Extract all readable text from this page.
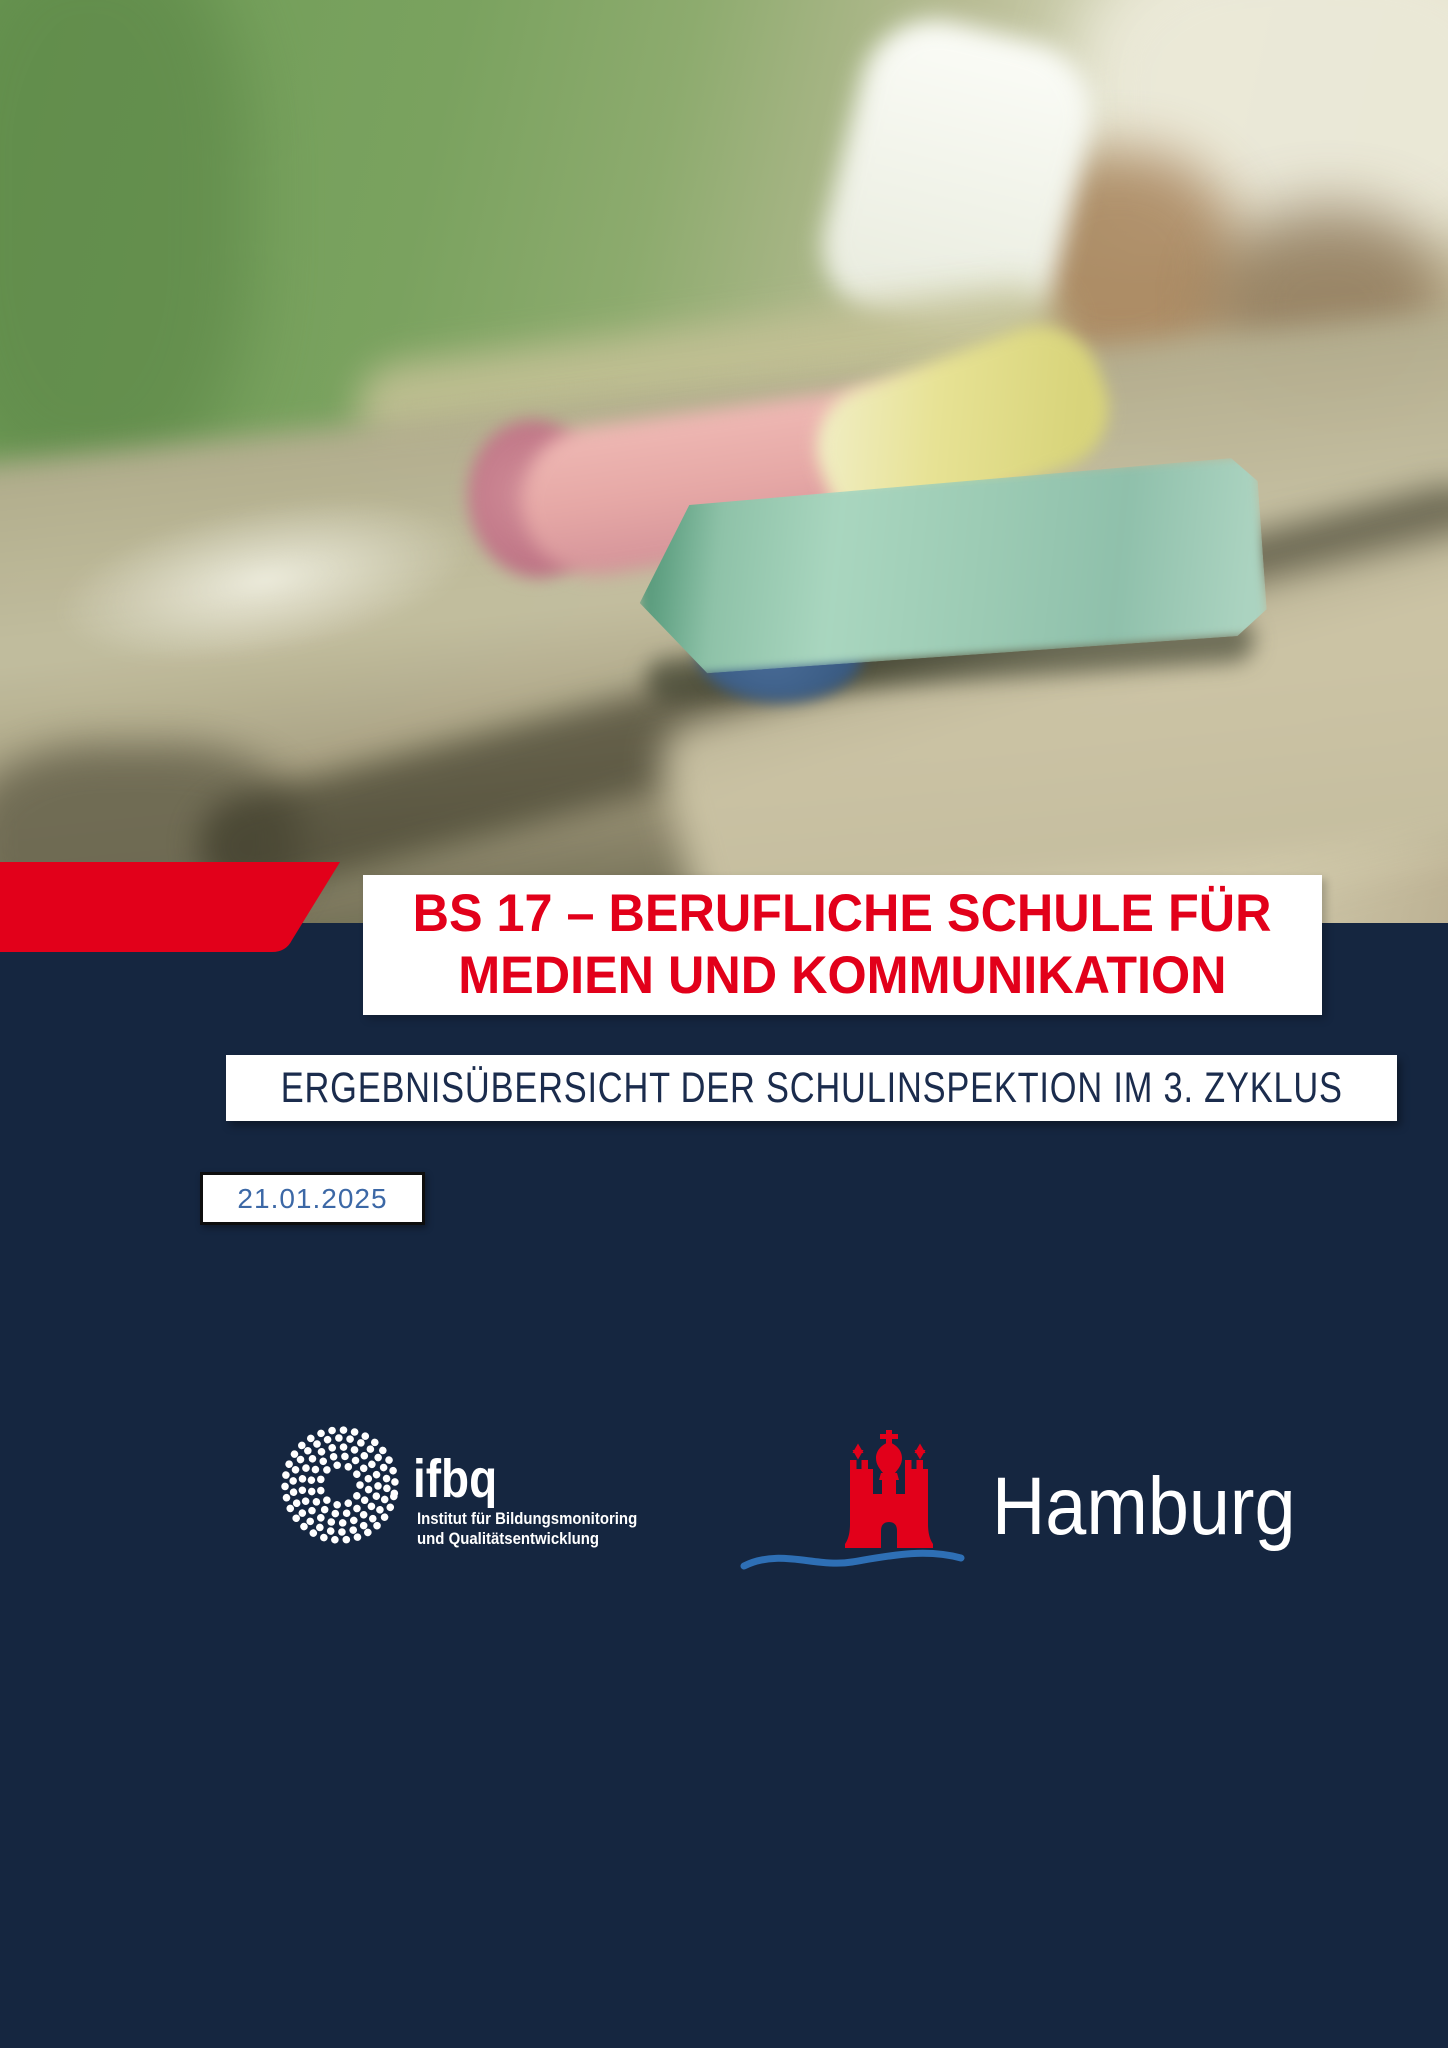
BS 17 – BERUFLICHE SCHULE FÜR
MEDIEN UND KOMMUNIKATION
ERGEBNISÜBERSICHT DER SCHULINSPEKTION IM 3. ZYKLUS
21.01.2025
ifbq
Institut für Bildungsmonitoring
und Qualitätsentwicklung	Hamburg
